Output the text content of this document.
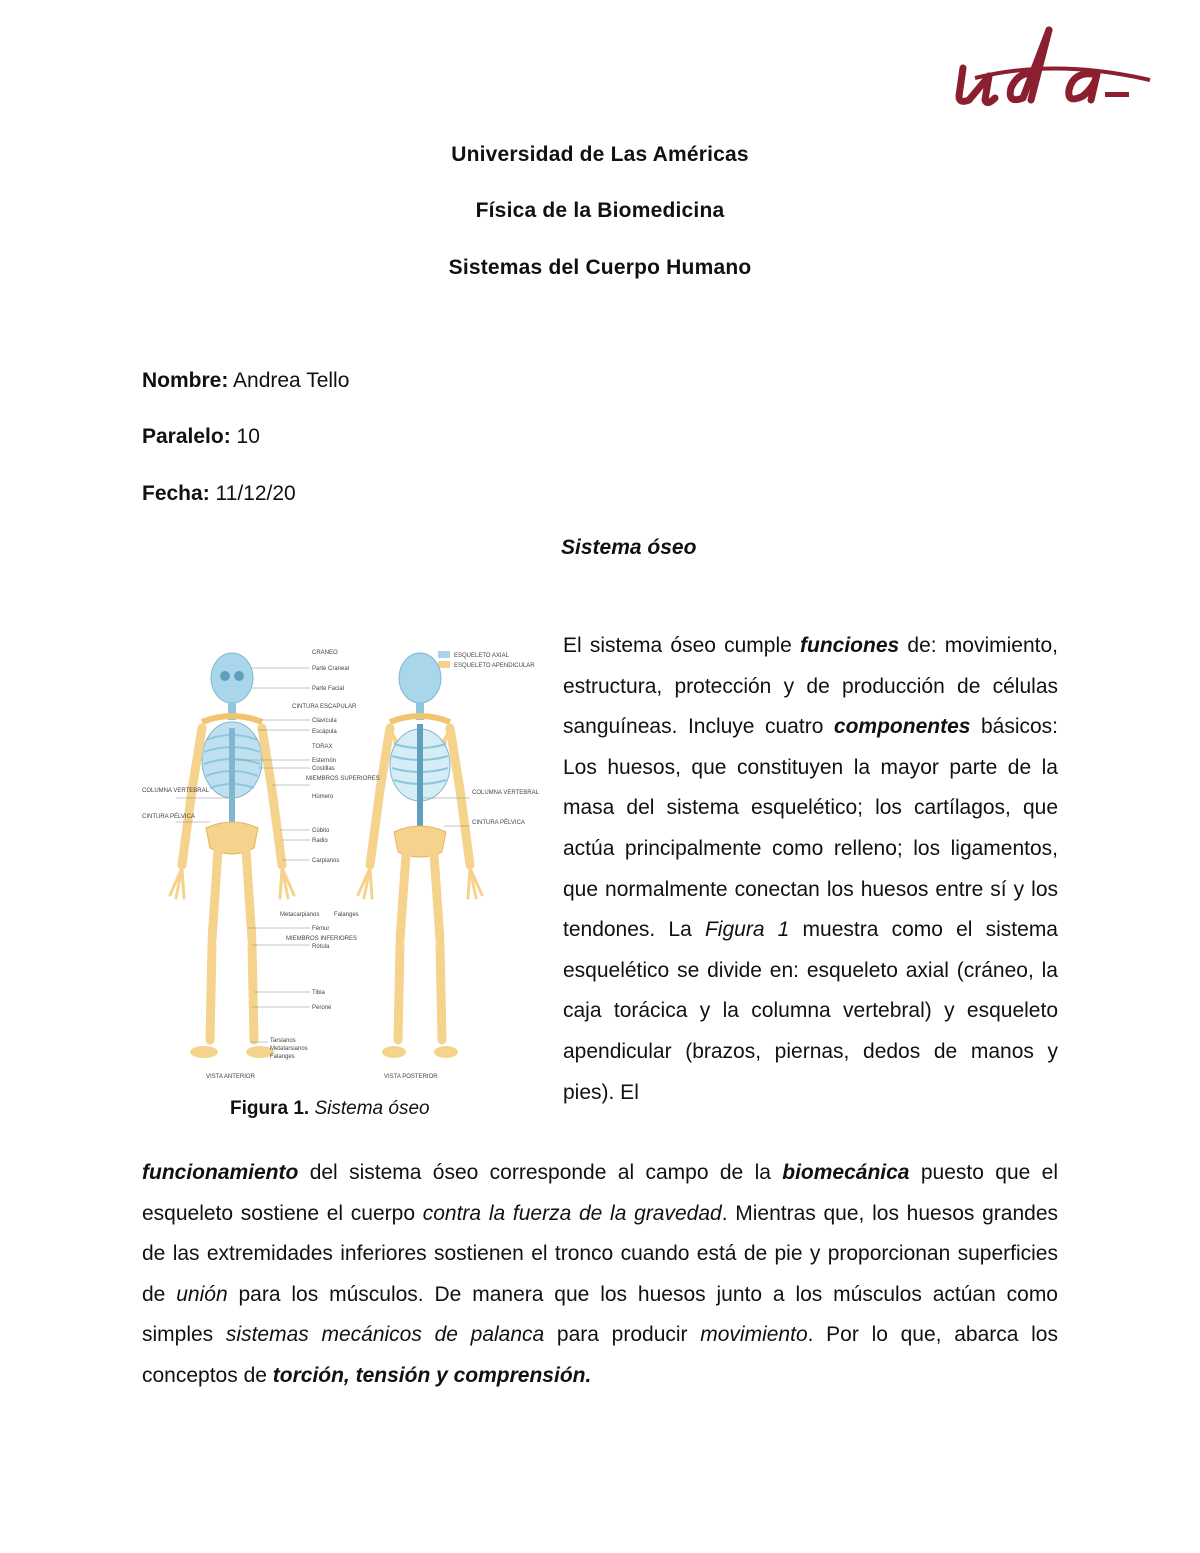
Universidad de Las Américas
Física de la Biomedicina
Sistemas del Cuerpo Humano
Nombre: Andrea Tello
Paralelo: 10
Fecha: 11/12/20
Sistema óseo
ESQUELETO AXIAL
ESQUELETO APENDICULAR
CRANEO
Parte Craneal
Parte Facial
CINTURA ESCAPULAR
Clavícula
Escápula
TORAX
Esternón
Costillas
MIEMBROS SUPERIORES
Húmero
Cúbito
Radio
Carpianos
Metacarpianos Falanges
Fémur
MIEMBROS INFERIORES
Rótula
Tibia
Peroné
Tarsianos
Metatarsianos
Falanges
COLUMNA VERTEBRAL
CINTURA PÉLVICA
COLUMNA VERTEBRAL
CINTURA PÉLVICA
VISTA ANTERIOR	VISTA POSTERIOR
Figura 1. Sistema óseo
El sistema óseo cumple funciones de: movimiento, estructura, protección y de producción de células sanguíneas. Incluye cuatro componentes básicos: Los huesos, que constituyen la mayor parte de la masa del sistema esquelético; los cartílagos, que actúa principalmente como relleno; los ligamentos, que normalmente conectan los huesos entre sí y los tendones. La Figura 1 muestra como el sistema esquelético se divide en: esqueleto axial (cráneo, la caja torácica y la columna vertebral) y esqueleto apendicular (brazos, piernas, dedos de manos y pies). El
funcionamiento del sistema óseo corresponde al campo de la biomecánica puesto que el esqueleto sostiene el cuerpo contra la fuerza de la gravedad. Mientras que, los huesos grandes de las extremidades inferiores sostienen el tronco cuando está de pie y proporcionan superficies de unión para los músculos. De manera que los huesos junto a los músculos actúan como simples sistemas mecánicos de palanca para producir movimiento. Por lo que, abarca los conceptos de torción, tensión y comprensión.
